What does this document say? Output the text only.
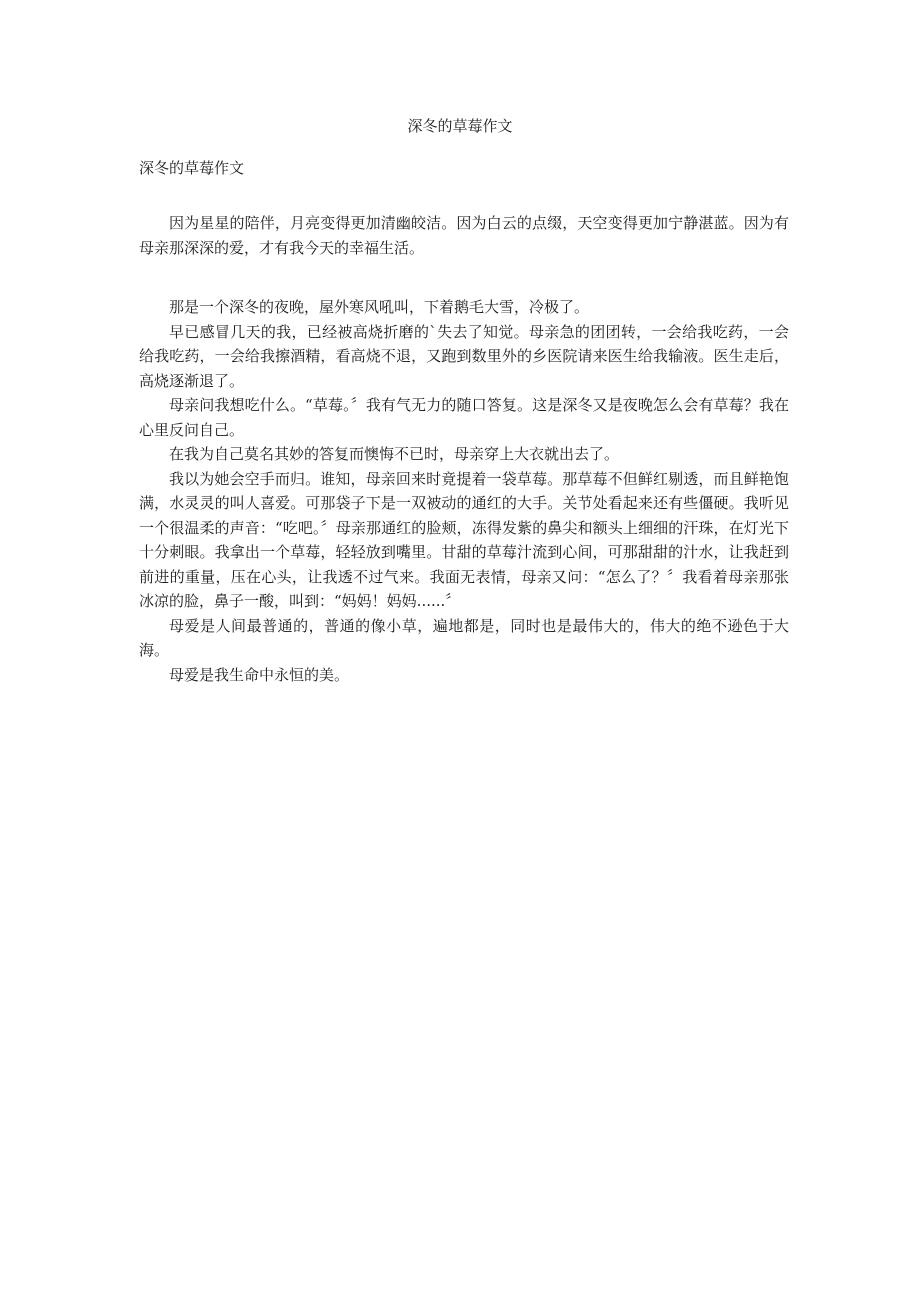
深冬的草莓作文
深冬的草莓作文

因为星星的陪伴，月亮变得更加清幽皎洁。因为白云的点缀，天空变得更加宁静湛蓝。因为有母亲那深深的爱，才有我今天的幸福生活。

那是一个深冬的夜晚，屋外寒风吼叫，下着鹅毛大雪，冷极了。

早已感冒几天的我，已经被高烧折磨的`失去了知觉。母亲急的团团转，一会给我吃药，一会给我吃药，一会给我擦酒精，看高烧不退，又跑到数里外的乡医院请来医生给我输液。医生走后，高烧逐渐退了。

母亲问我想吃什么。“草莓。〞我有气无力的随口答复。这是深冬又是夜晚怎么会有草莓？我在心里反问自己。

在我为自己莫名其妙的答复而懊悔不已时，母亲穿上大衣就出去了。

我以为她会空手而归。谁知，母亲回来时竟提着一袋草莓。那草莓不但鲜红剔透，而且鲜艳饱满，水灵灵的叫人喜爱。可那袋子下是一双被动的通红的大手。关节处看起来还有些僵硬。我听见一个很温柔的声音：“吃吧。〞母亲那通红的脸颊，冻得发紫的鼻尖和额头上细细的汗珠，在灯光下十分刺眼。我拿出一个草莓，轻轻放到嘴里。甘甜的草莓汁流到心间，可那甜甜的汁水，让我赶到前进的重量，压在心头，让我透不过气来。我面无表情，母亲又问：“怎么了？〞我看着母亲那张冰凉的脸，鼻子一酸，叫到：“妈妈！妈妈......〞

母爱是人间最普通的，普通的像小草，遍地都是，同时也是最伟大的，伟大的绝不逊色于大海。

母爱是我生命中永恒的美。
